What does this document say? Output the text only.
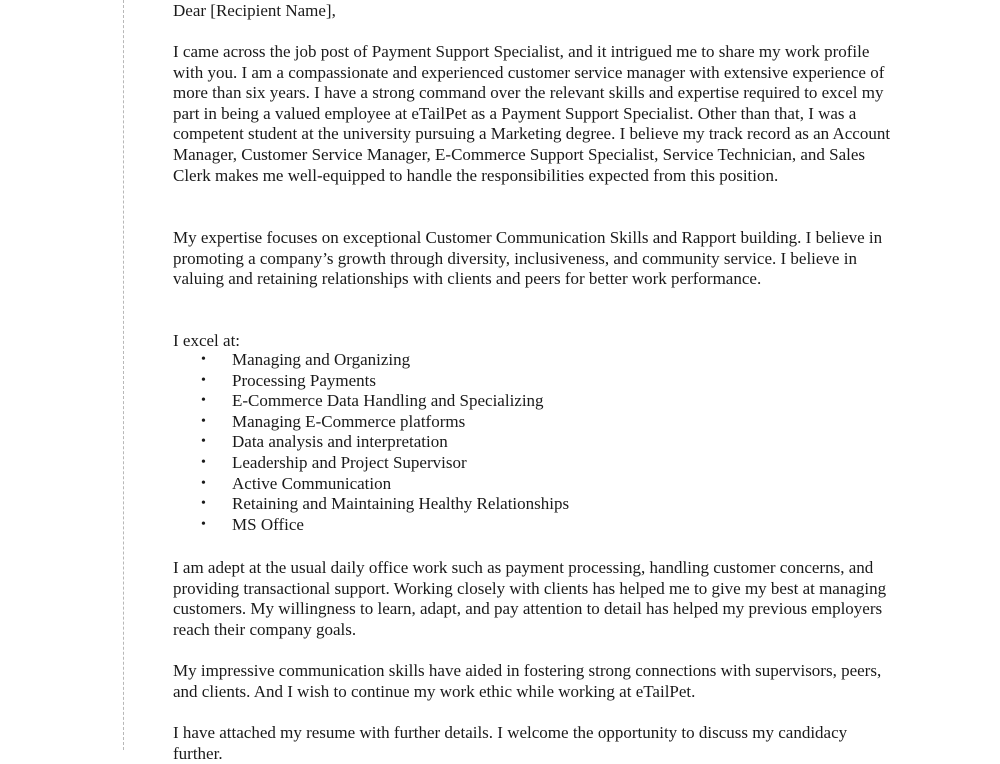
Dear [Recipient Name],

I came across the job post of Payment Support Specialist, and it intrigued me to share my work profile with you. I am a compassionate and experienced customer service manager with extensive experience of more than six years. I have a strong command over the relevant skills and expertise required to excel my part in being a valued employee at eTailPet as a Payment Support Specialist. Other than that, I was a competent student at the university pursuing a Marketing degree. I believe my track record as an Account Manager, Customer Service Manager, E-Commerce Support Specialist, Service Technician, and Sales Clerk makes me well-equipped to handle the responsibilities expected from this position.

My expertise focuses on exceptional Customer Communication Skills and Rapport building. I believe in promoting a company’s growth through diversity, inclusiveness, and community service. I believe in valuing and retaining relationships with clients and peers for better work performance.

I excel at:

• Managing and Organizing
• Processing Payments
• E-Commerce Data Handling and Specializing
• Managing E-Commerce platforms
• Data analysis and interpretation
• Leadership and Project Supervisor
• Active Communication
• Retaining and Maintaining Healthy Relationships
• MS Office

I am adept at the usual daily office work such as payment processing, handling customer concerns, and providing transactional support. Working closely with clients has helped me to give my best at managing customers. My willingness to learn, adapt, and pay attention to detail has helped my previous employers reach their company goals.

My impressive communication skills have aided in fostering strong connections with supervisors, peers, and clients. And I wish to continue my work ethic while working at eTailPet.

I have attached my resume with further details. I welcome the opportunity to discuss my candidacy further.
